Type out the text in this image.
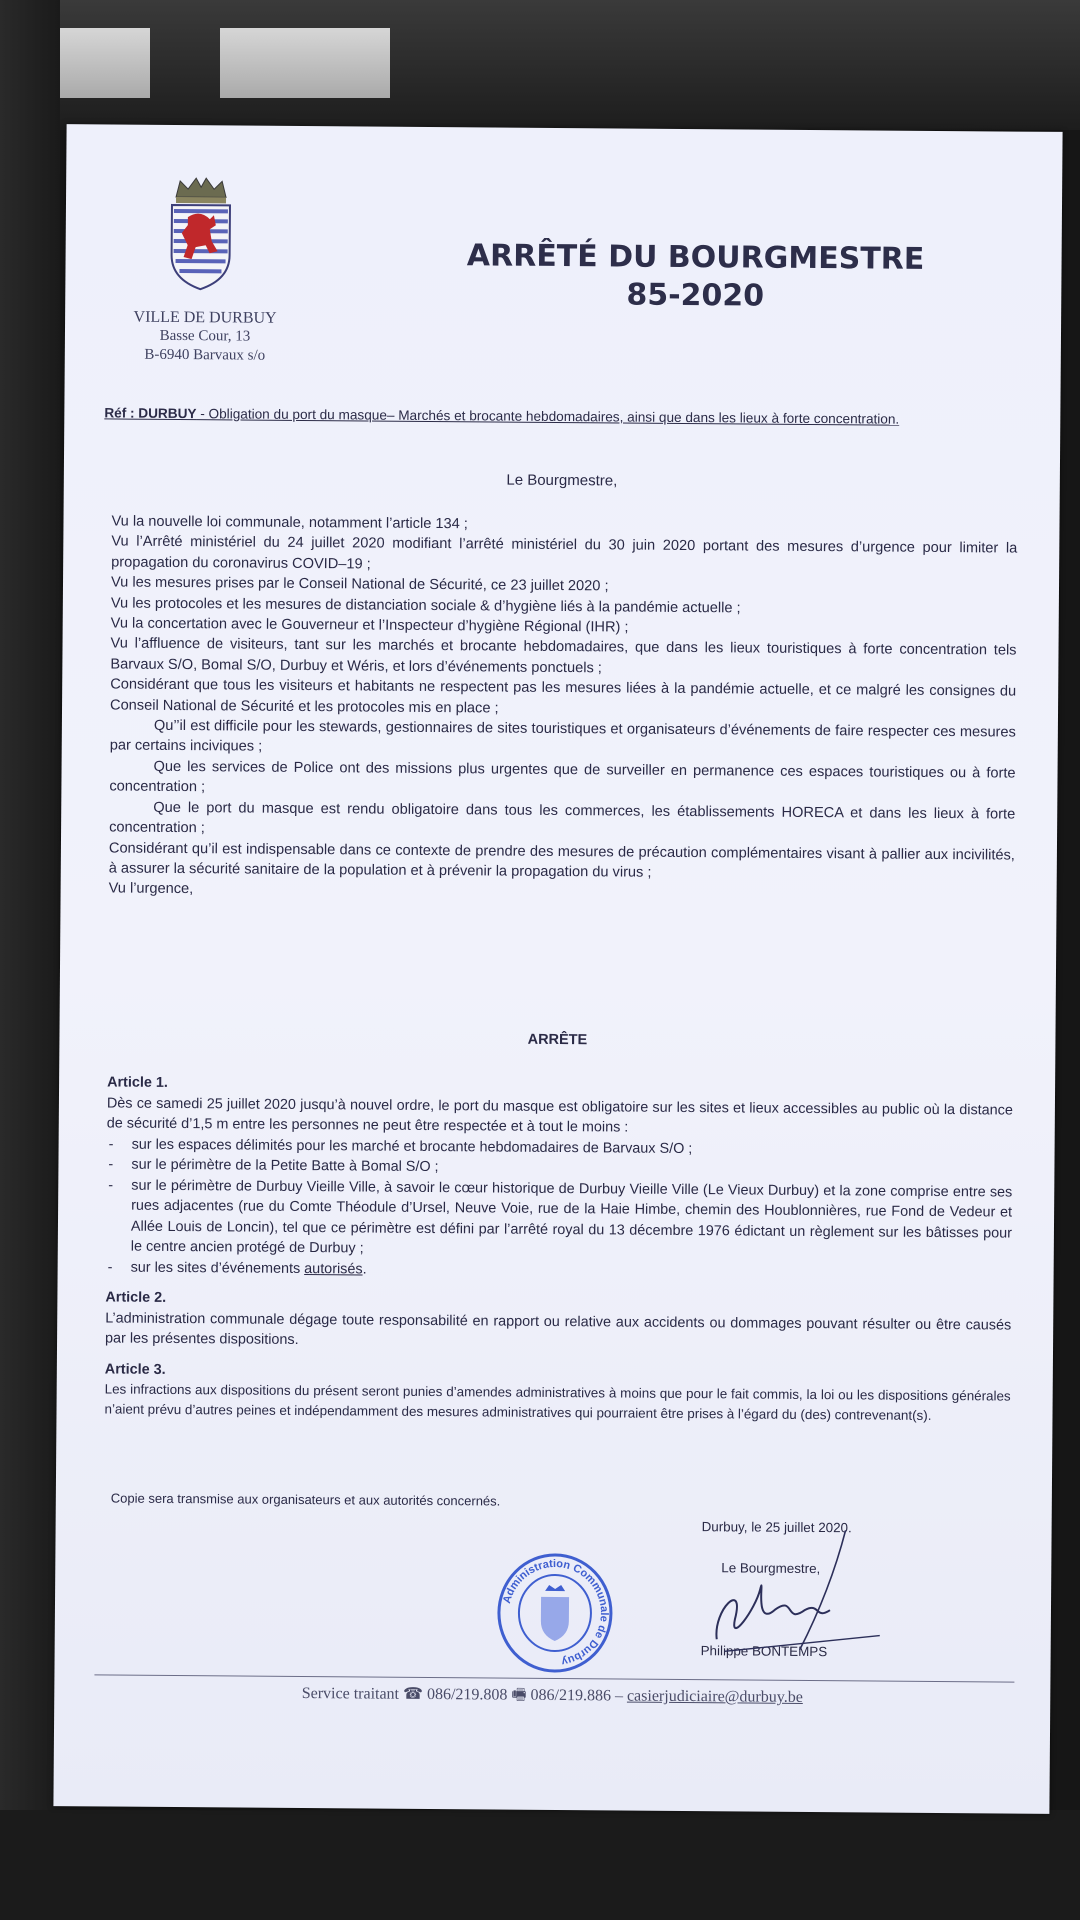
VILLE DE DURBUY
Basse Cour, 13
B-6940 Barvaux s/o
ARRÊTÉ DU BOURGMESTRE
85-2020
Réf : DURBUY - Obligation du port du masque– Marchés et brocante hebdomadaires, ainsi que dans les lieux à forte concentration.
Le Bourgmestre,

Vu la nouvelle loi communale, notamment l’article 134 ;

Vu l’Arrêté ministériel du 24 juillet 2020 modifiant l’arrêté ministériel du 30 juin 2020 portant des mesures d’urgence pour limiter la propagation du coronavirus COVID–19 ;

Vu les mesures prises par le Conseil National de Sécurité, ce 23 juillet 2020 ;

Vu les protocoles et les mesures de distanciation sociale & d’hygiène liés à la pandémie actuelle ;

Vu la concertation avec le Gouverneur et l’Inspecteur d’hygiène Régional (IHR) ;

Vu l’affluence de visiteurs, tant sur les marchés et brocante hebdomadaires, que dans les lieux touristiques à forte concentration tels Barvaux S/O, Bomal S/O, Durbuy et Wéris, et lors d’événements ponctuels ;

Considérant que tous les visiteurs et habitants ne respectent pas les mesures liées à la pandémie actuelle, et ce malgré les consignes du Conseil National de Sécurité et les protocoles mis en place ;

Qu’’il est difficile pour les stewards, gestionnaires de sites touristiques et organisateurs d’événements de faire respecter ces mesures par certains inciviques ;

Que les services de Police ont des missions plus urgentes que de surveiller en permanence ces espaces touristiques ou à forte concentration ;

Que le port du masque est rendu obligatoire dans tous les commerces, les établissements HORECA et dans les lieux à forte concentration ;

Considérant qu’il est indispensable dans ce contexte de prendre des mesures de précaution complémentaires visant à pallier aux incivilités, à assurer la sécurité sanitaire de la population et à prévenir la propagation du virus ;

Vu l’urgence,

ARRÊTE

Article 1.

Dès ce samedi 25 juillet 2020 jusqu’à nouvel ordre, le port du masque est obligatoire sur les sites et lieux accessibles au public où la distance de sécurité d’1,5 m entre les personnes ne peut être respectée et à tout le moins :

- sur les espaces délimités pour les marché et brocante hebdomadaires de Barvaux S/O ;
- sur le périmètre de la Petite Batte à Bomal S/O ;
- sur le périmètre de Durbuy Vieille Ville, à savoir le cœur historique de Durbuy Vieille Ville (Le Vieux Durbuy) et la zone comprise entre ses rues adjacentes (rue du Comte Théodule d’Ursel, Neuve Voie, rue de la Haie Himbe, chemin des Houblonnières, rue Fond de Vedeur et Allée Louis de Loncin), tel que ce périmètre est défini par l’arrêté royal du 13 décembre 1976 édictant un règlement sur les bâtisses pour le centre ancien protégé de Durbuy ;
- sur les sites d’événements autorisés.

Article 2.

L’administration communale dégage toute responsabilité en rapport ou relative aux accidents ou dommages pouvant résulter ou être causés par les présentes dispositions.

Article 3.

Les infractions aux dispositions du présent seront punies d’amendes administratives à moins que pour le fait commis, la loi ou les dispositions générales n’aient prévu d’autres peines et indépendamment des mesures administratives qui pourraient être prises à l’égard du (des) contrevenant(s).

Copie sera transmise aux organisateurs et aux autorités concernés.
Durbuy, le 25 juillet 2020.
Le Bourgmestre,
Philippe BONTEMPS
Administration Communale de Durbuy
Service traitant ☎ 086/219.808 🖷 086/219.886 – casierjudiciaire@durbuy.be
